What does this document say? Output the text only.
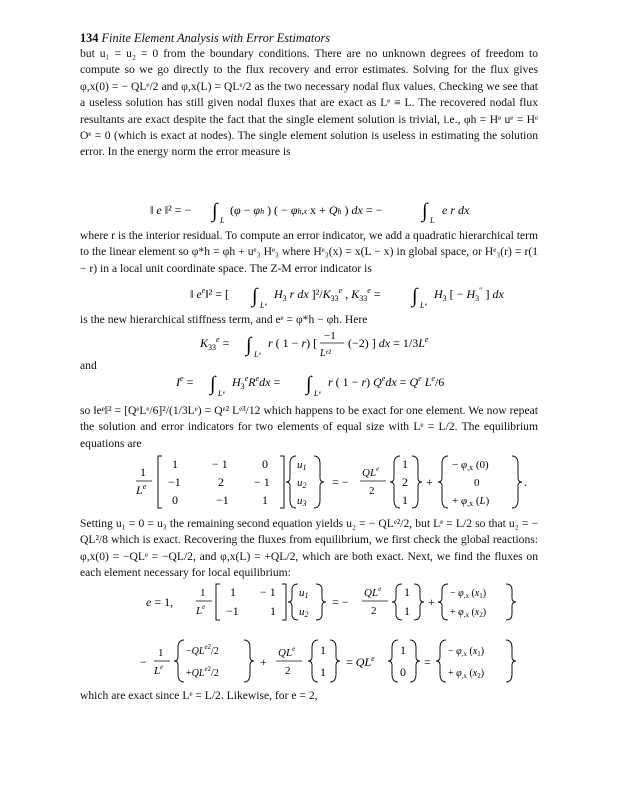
134 Finite Element Analysis with Error Estimators
but u₁ = u₂ = 0 from the boundary conditions. There are no unknown degrees of freedom to compute so we go directly to the flux recovery and error estimates. Solving for the flux gives φ,x(0) = − QLᵉ/2 and φ,x(L) = QLᵉ/2 as the two necessary nodal flux values. Checking we see that a useless solution has still given nodal fluxes that are exact as Lᵉ ≡ L. The recovered nodal flux resultants are exact despite the fact that the single element solution is trivial, i.e., φh = Hᵉ uᵉ = Hᵉ Oᵉ = 0 (which is exact at nodes). The single element solution is useless in estimating the solution error. In the energy norm the error measure is
‖ e ‖² = − ∫ L
(φ − φh ) ( − φh,x x + Qh ) dx = − ∫ L
e r dx
where r is the interior residual. To compute an error indicator, we add a quadratic hierarchical term to the linear element so φ*h = φh + uᵉ₃ Hᵉ₃ where Hᵉ₃(x) = x(L − x) in global space, or Hᵉ₃(r) = r(1 − r) in a local unit coordinate space. The Z-M error indicator is
‖ $e^e‖^2$ = [ ∫ Lᵉ
$H_3$ r dx ]$^2/K_{33}^e$ , $K_{33}^e$ = ∫ Lᵉ
$H_3$ [ − $H_3''$ ] dx
is the new hierarchical stiffness term, and eᵉ = φ*h − φh. Here
$K_{33}^e$ = ∫ Lᵉ
r ( 1 − r) [ −1
Lᵉ²
(−2) ] dx = $1/3L^e$
and
$I^e$ = ∫ Lᵉ
$H_3^eR^edx$ = ∫ Lᵉ
r ( 1 − r) $Q^edx = Q^e$ Le/6
so ‖eᵉ‖² = [QᵉLᵉ/6]²/(1/3Lᵉ) = Qᵉ² Lᵉ³/12 which happens to be exact for one element. We now repeat the solution and error indicators for two elements of equal size with Lᵉ = L/2. The equilibrium equations are
1
Le
1	− 1	0
−1	2	− 1
0	−1	1
u1
u2
u3
= −
$QL^e$
2
1
2
1
+
− φ,x (0)
0
+ φ,x (L)
.
Setting u₁ = 0 = u₃ the remaining second equation yields u₂ = − QLᵉ²/2, but Lᵉ = L/2 so that u₂ = − QL²/8 which is exact. Recovering the fluxes from equilibrium, we first check the global reactions: φ,x(0) = −QLᵉ = −QL/2, and φ,x(L) = +QL/2, which are both exact. Next, we find the fluxes on each element necessary for local equilibrium:
e = 1,
1
Le
1 − 1
−1	1
u1
u2
= −
$QL^e$
2
1
1
+
− $\varphi_{,x}$ $(x_1)$
+ $\varphi_{,x}$ $(x_2)$
−
1
$L^e$
$-QL^e2/2$
$+QL^e2/2$
+
$QL^e$
2
1
1
= $QL^e$
1
0
=
− $\varphi_{,x}$ $(x_1)$
+ $\varphi_{,x}$ $(x_2)$
which are exact since Lᵉ = L/2. Likewise, for e = 2,
